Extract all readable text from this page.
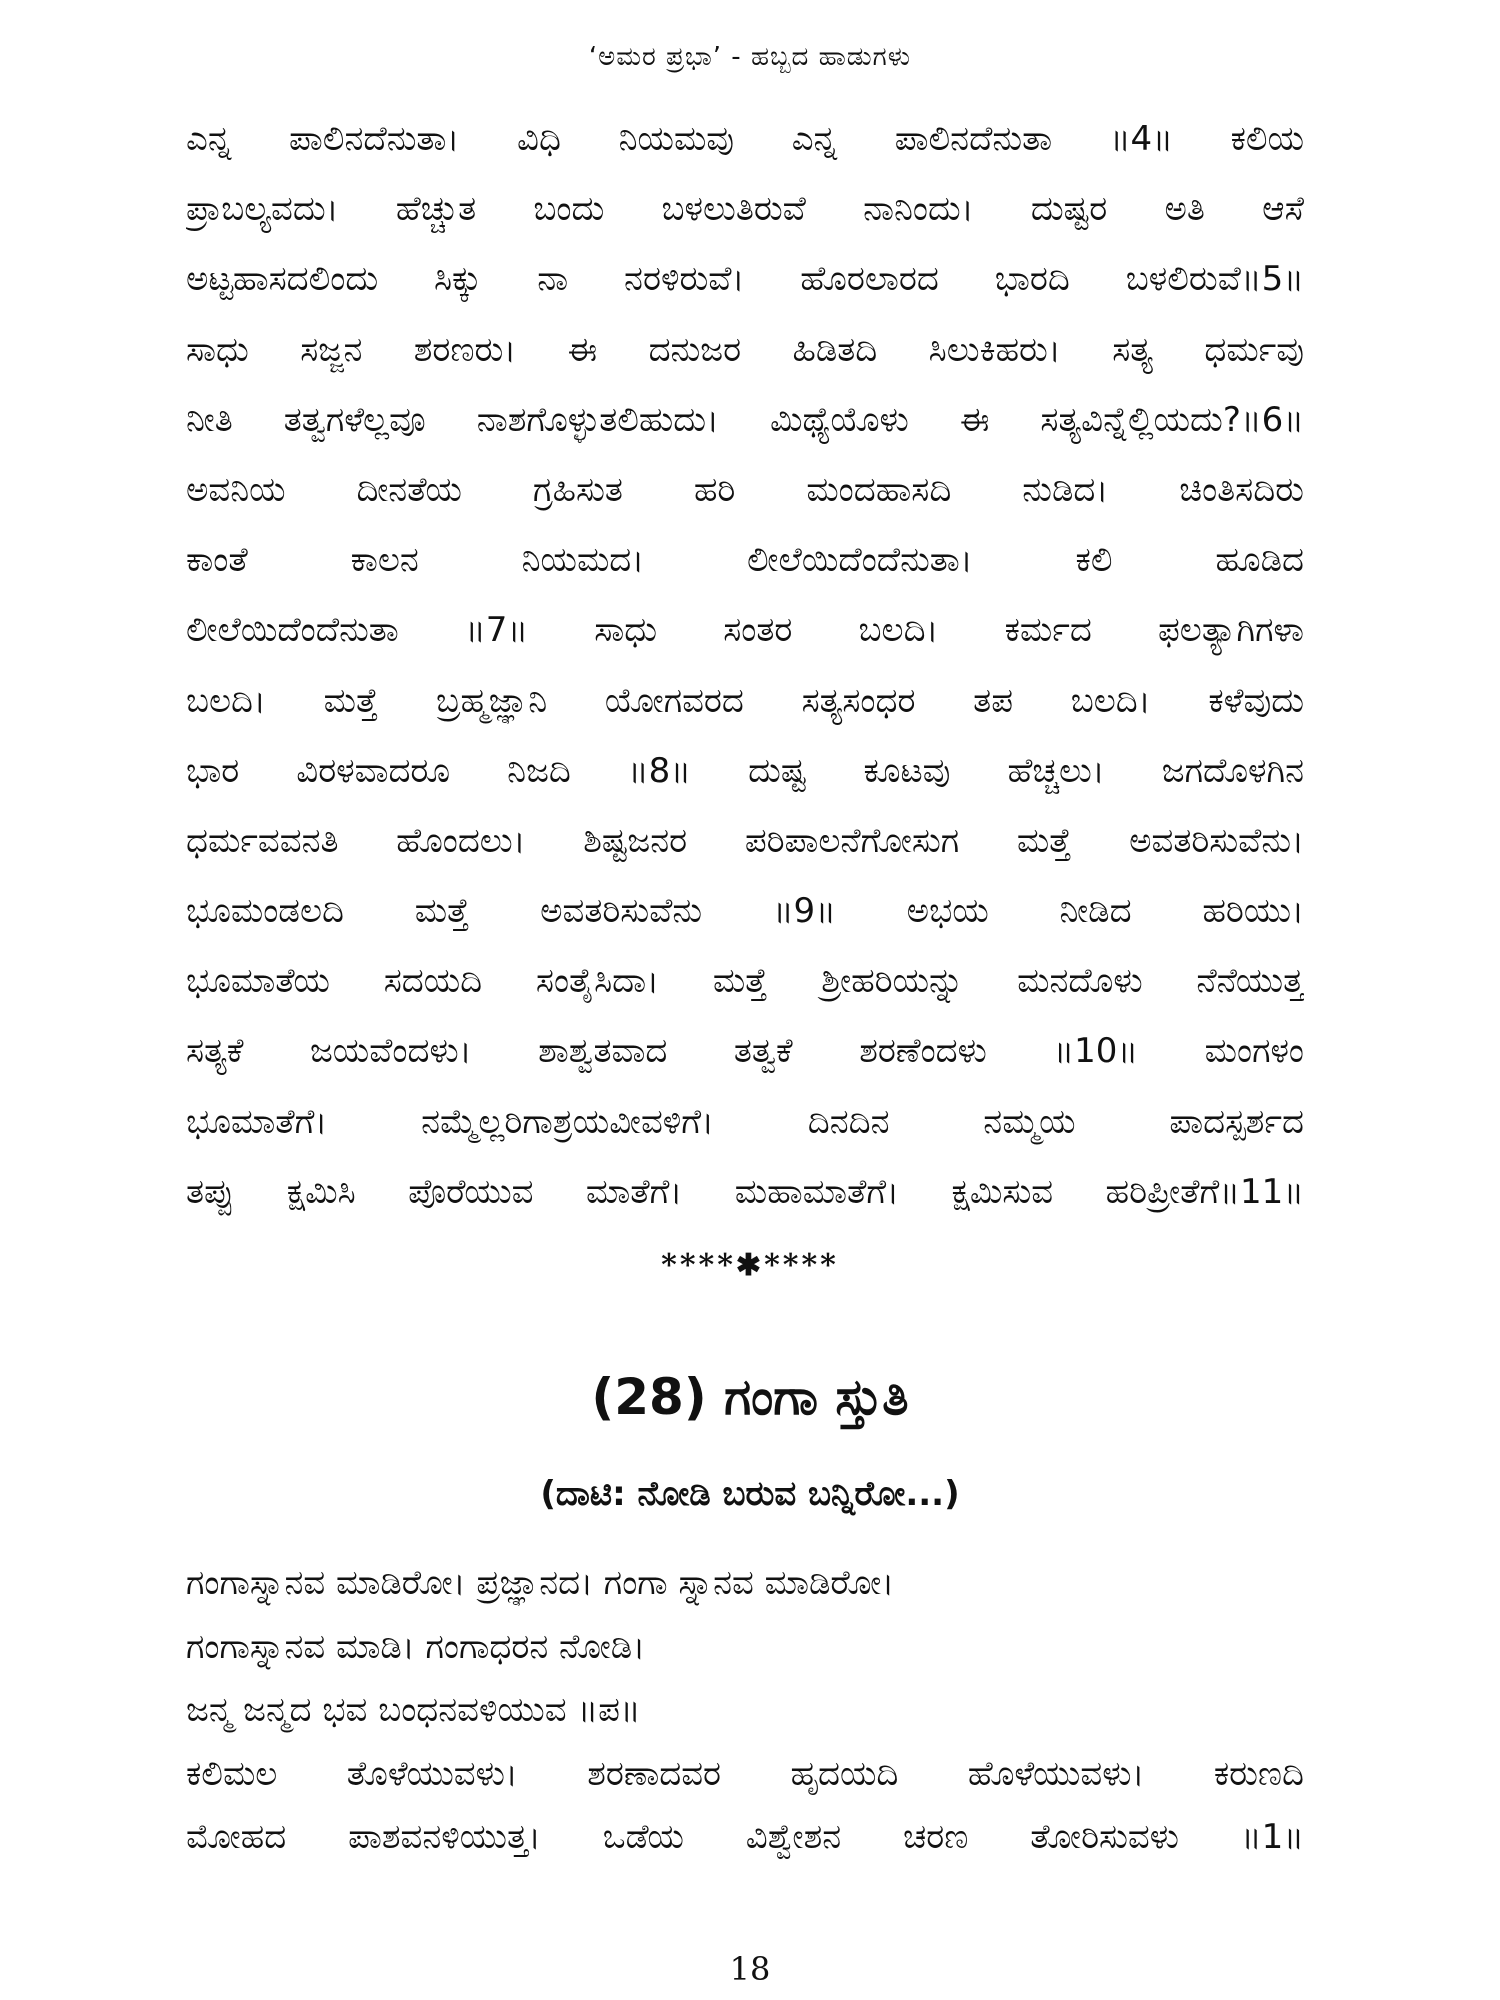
‘ಅಮರ ಪ್ರಭಾ’ - ಹಬ್ಬದ ಹಾಡುಗಳು
ಎನ್ನ ಪಾಲಿನದೆನುತಾ। ವಿಧಿ ನಿಯಮವು ಎನ್ನ ಪಾಲಿನದೆನುತಾ ॥4॥ ಕಲಿಯ
ಪ್ರಾಬಲ್ಯವದು। ಹೆಚ್ಚುತ ಬಂದು ಬಳಲುತಿರುವೆ ನಾನಿಂದು। ದುಷ್ಟರ ಅತಿ ಆಸೆ
ಅಟ್ಟಹಾಸದಲಿಂದು ಸಿಕ್ಕು ನಾ ನರಳಿರುವೆ। ಹೊರಲಾರದ ಭಾರದಿ ಬಳಲಿರುವೆ॥5॥
ಸಾಧು ಸಜ್ಜನ ಶರಣರು। ಈ ದನುಜರ ಹಿಡಿತದಿ ಸಿಲುಕಿಹರು। ಸತ್ಯ ಧರ್ಮವು
ನೀತಿ ತತ್ವಗಳೆಲ್ಲವೂ ನಾಶಗೊಳ್ಳುತಲಿಹುದು। ಮಿಥ್ಯೆಯೊಳು ಈ ಸತ್ಯವಿನ್ನೆಲ್ಲಿಯದು?॥6॥
ಅವನಿಯ ದೀನತೆಯ ಗ್ರಹಿಸುತ ಹರಿ ಮಂದಹಾಸದಿ ನುಡಿದ। ಚಿಂತಿಸದಿರು
ಕಾಂತೆ ಕಾಲನ ನಿಯಮದ। ಲೀಲೆಯಿದೆಂದೆನುತಾ। ಕಲಿ ಹೂಡಿದ
ಲೀಲೆಯಿದೆಂದೆನುತಾ ॥7॥ ಸಾಧು ಸಂತರ ಬಲದಿ। ಕರ್ಮದ ಫಲತ್ಯಾಗಿಗಳಾ
ಬಲದಿ। ಮತ್ತೆ ಬ್ರಹ್ಮಜ್ಞಾನಿ ಯೋಗವರದ ಸತ್ಯಸಂಧರ ತಪ ಬಲದಿ। ಕಳೆವುದು
ಭಾರ ವಿರಳವಾದರೂ ನಿಜದಿ ॥8॥ ದುಷ್ಟ ಕೂಟವು ಹೆಚ್ಚಲು। ಜಗದೊಳಗಿನ
ಧರ್ಮವವನತಿ ಹೊಂದಲು। ಶಿಷ್ಟಜನರ ಪರಿಪಾಲನೆಗೋಸುಗ ಮತ್ತೆ ಅವತರಿಸುವೆನು।
ಭೂಮಂಡಲದಿ ಮತ್ತೆ ಅವತರಿಸುವೆನು ॥9॥ ಅಭಯ ನೀಡಿದ ಹರಿಯು।
ಭೂಮಾತೆಯ ಸದಯದಿ ಸಂತೈಸಿದಾ। ಮತ್ತೆ ಶ್ರೀಹರಿಯನ್ನು ಮನದೊಳು ನೆನೆಯುತ್ತ
ಸತ್ಯಕೆ ಜಯವೆಂದಳು। ಶಾಶ್ವತವಾದ ತತ್ವಕೆ ಶರಣೆಂದಳು ॥10॥ ಮಂಗಳಂ
ಭೂಮಾತೆಗೆ। ನಮ್ಮೆಲ್ಲರಿಗಾಶ್ರಯವೀವಳಿಗೆ। ದಿನದಿನ ನಮ್ಮಯ ಪಾದಸ್ಪರ್ಶದ
ತಪ್ಪು ಕ್ಷಮಿಸಿ ಪೊರೆಯುವ ಮಾತೆಗೆ। ಮಹಾಮಾತೆಗೆ। ಕ್ಷಮಿಸುವ ಹರಿಪ್ರೀತೆಗೆ॥11॥
****✱****
(28) ಗಂಗಾ ಸ್ತುತಿ
(ದಾಟಿ: ನೋಡಿ ಬರುವ ಬನ್ನಿರೋ...)
ಗಂಗಾಸ್ನಾನವ ಮಾಡಿರೋ। ಪ್ರಜ್ಞಾನದ। ಗಂಗಾ ಸ್ನಾನವ ಮಾಡಿರೋ।
ಗಂಗಾಸ್ನಾನವ ಮಾಡಿ। ಗಂಗಾಧರನ ನೋಡಿ।
ಜನ್ಮ ಜನ್ಮದ ಭವ ಬಂಧನವಳಿಯುವ ॥ಪ॥
ಕಲಿಮಲ ತೊಳೆಯುವಳು। ಶರಣಾದವರ ಹೃದಯದಿ ಹೊಳೆಯುವಳು। ಕರುಣದಿ
ಮೋಹದ ಪಾಶವನಳಿಯುತ್ತ। ಒಡೆಯ ವಿಶ್ವೇಶನ ಚರಣ ತೋರಿಸುವಳು ॥1॥
18
